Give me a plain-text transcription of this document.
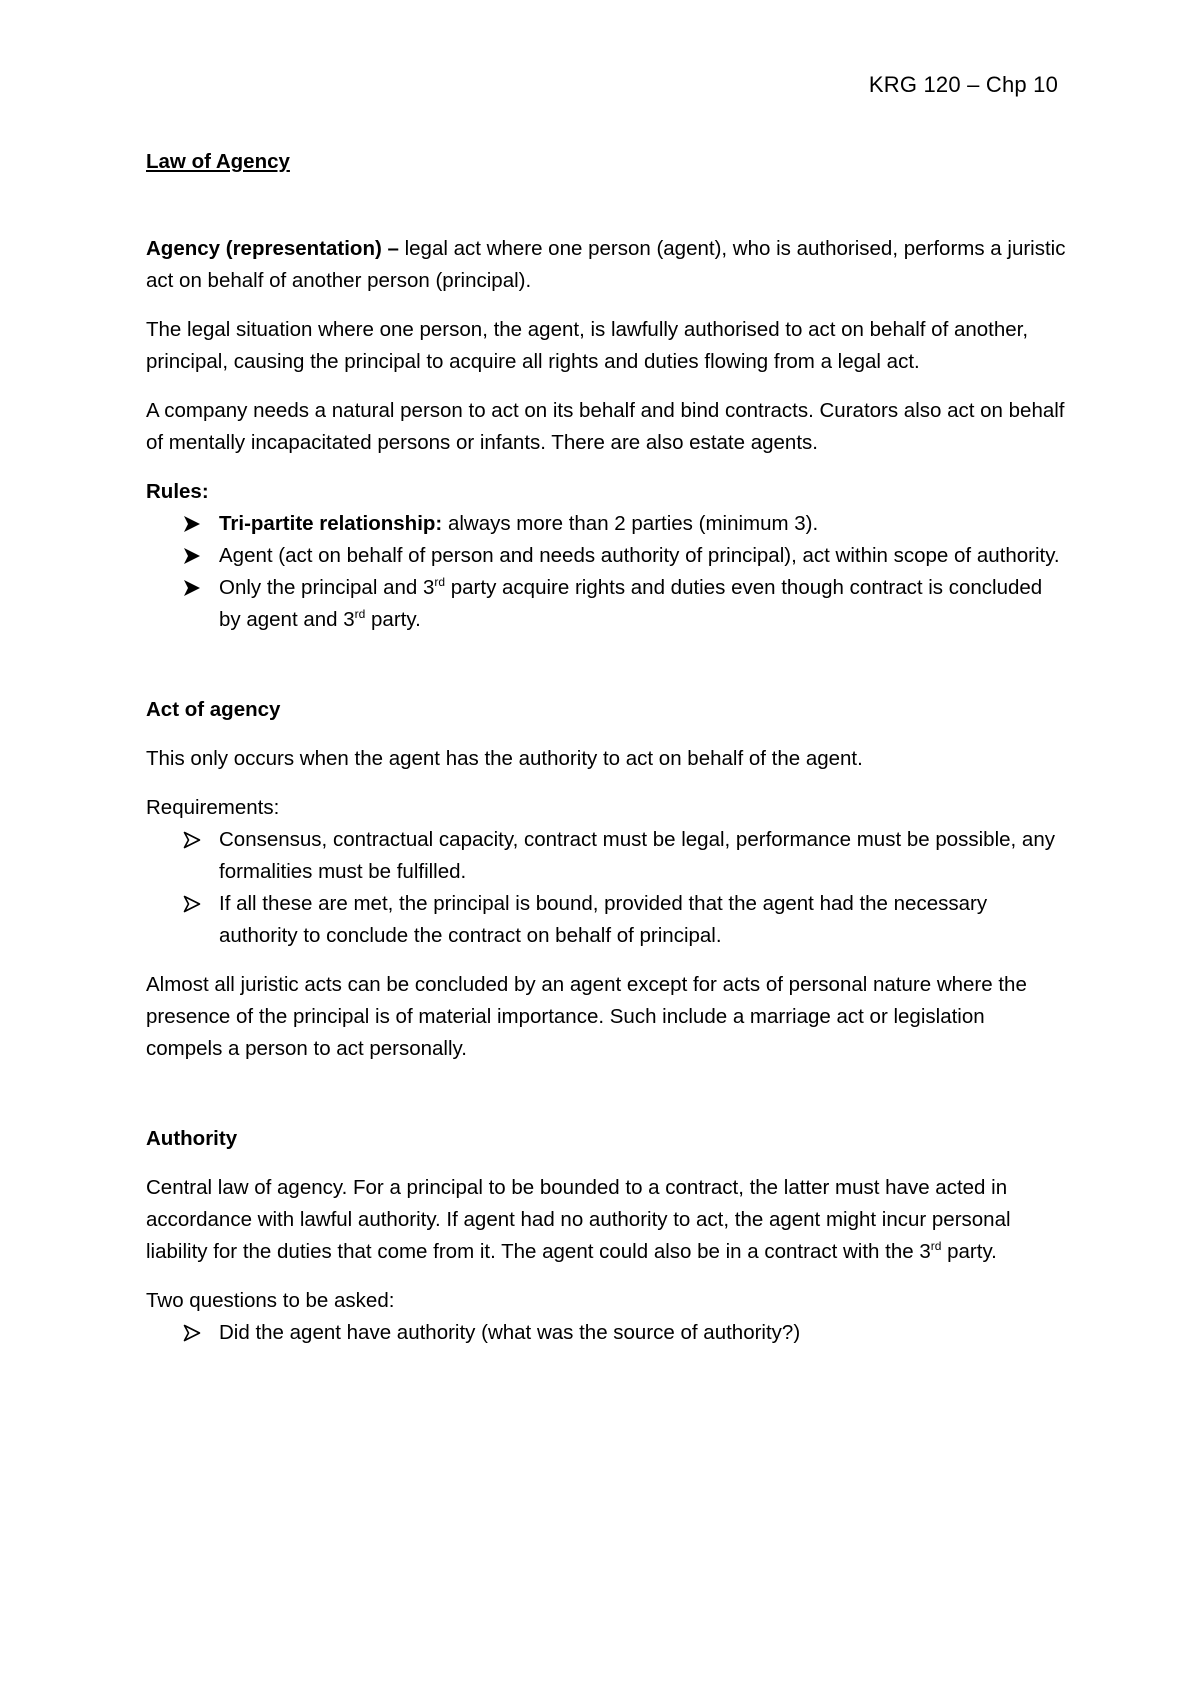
KRG 120 – Chp 10

Law of Agency

Agency (representation) – legal act where one person (agent), who is authorised, performs a juristic act on behalf of another person (principal).

The legal situation where one person, the agent, is lawfully authorised to act on behalf of another, principal, causing the principal to acquire all rights and duties flowing from a legal act.

A company needs a natural person to act on its behalf and bind contracts. Curators also act on behalf of mentally incapacitated persons or infants. There are also estate agents.

Rules:

Tri-partite relationship: always more than 2 parties (minimum 3).
Agent (act on behalf of person and needs authority of principal), act within scope of authority.
Only the principal and 3rd party acquire rights and duties even though contract is concluded by agent and 3rd party.

Act of agency

This only occurs when the agent has the authority to act on behalf of the agent.

Requirements:

Consensus, contractual capacity, contract must be legal, performance must be possible, any formalities must be fulfilled.
If all these are met, the principal is bound, provided that the agent had the necessary authority to conclude the contract on behalf of principal.

Almost all juristic acts can be concluded by an agent except for acts of personal nature where the presence of the principal is of material importance. Such include a marriage act or legislation compels a person to act personally.

Authority

Central law of agency. For a principal to be bounded to a contract, the latter must have acted in accordance with lawful authority. If agent had no authority to act, the agent might incur personal liability for the duties that come from it. The agent could also be in a contract with the 3rd party.

Two questions to be asked:

Did the agent have authority (what was the source of authority?)
